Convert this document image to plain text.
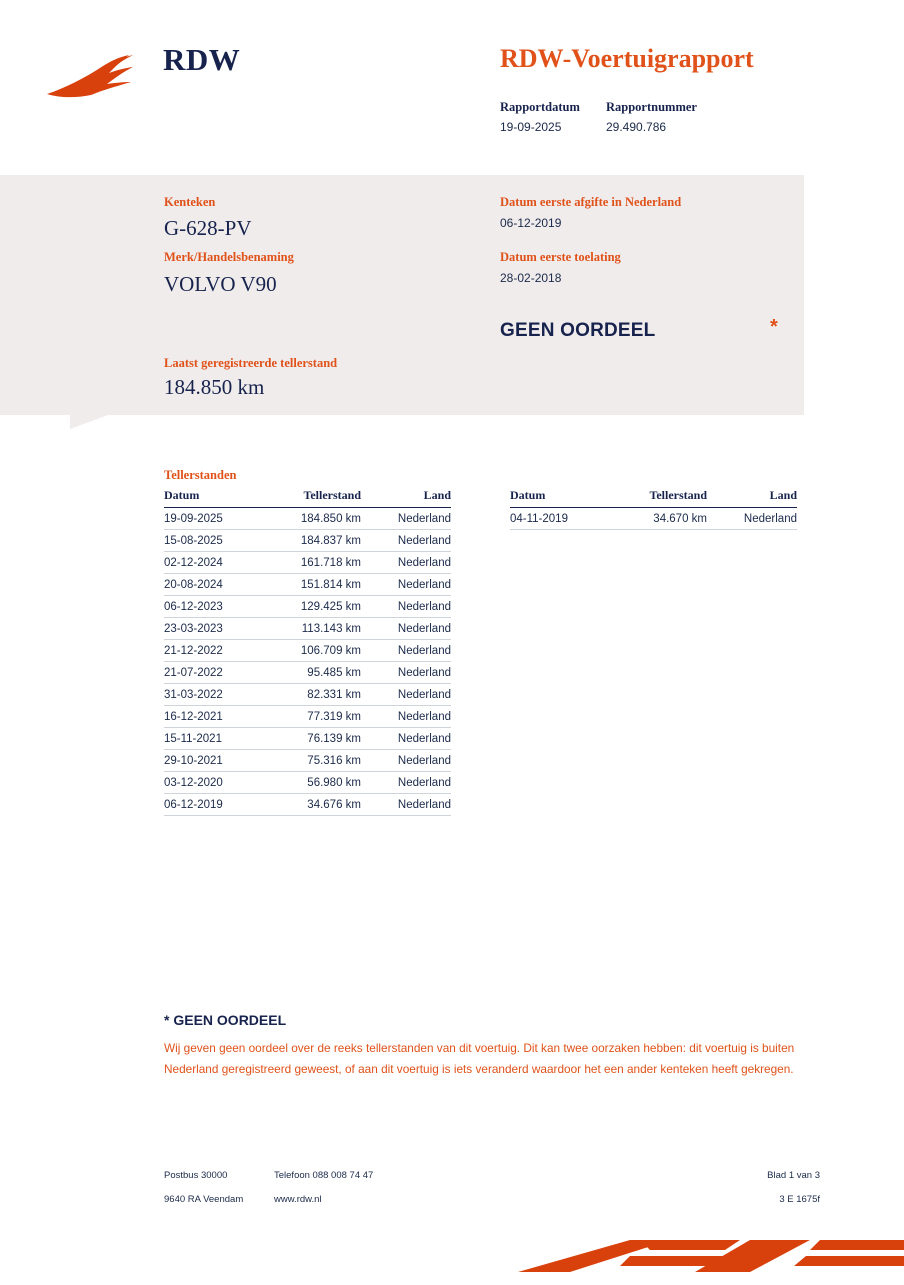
RDW	RDW-Voertuigrapport
Rapportdatum Rapportnummer
19-09-2025	29.490.786
Kenteken
G-628-PV
Merk/Handelsbenaming
VOLVO V90
Laatst geregistreerde tellerstand
184.850 km
Datum eerste afgifte in Nederland
06-12-2019
Datum eerste toelating
28-02-2018
GEEN OORDEEL	*
Tellerstanden
Datum	Tellerstand	Land
19-09-2025	184.850 km	Nederland
15-08-2025	184.837 km	Nederland
02-12-2024	161.718 km	Nederland
20-08-2024	151.814 km	Nederland
06-12-2023	129.425 km	Nederland
23-03-2023	113.143 km	Nederland
21-12-2022	106.709 km	Nederland
21-07-2022	95.485 km	Nederland
31-03-2022	82.331 km	Nederland
16-12-2021	77.319 km	Nederland
15-11-2021	76.139 km	Nederland
29-10-2021	75.316 km	Nederland
03-12-2020	56.980 km	Nederland
06-12-2019	34.676 km	Nederland
Datum	Tellerstand	Land
04-11-2019	34.670 km	Nederland
* GEEN OORDEEL
Wij geven geen oordeel over de reeks tellerstanden van dit voertuig. Dit kan twee oorzaken hebben: dit voertuig is buiten Nederland geregistreerd geweest, of aan dit voertuig is iets veranderd waardoor het een ander kenteken heeft gekregen.
Postbus 30000	Telefoon 088 008 74 47
9640 RA Veendam	www.rdw.nl
Blad 1 van 3
3 E 1675f
